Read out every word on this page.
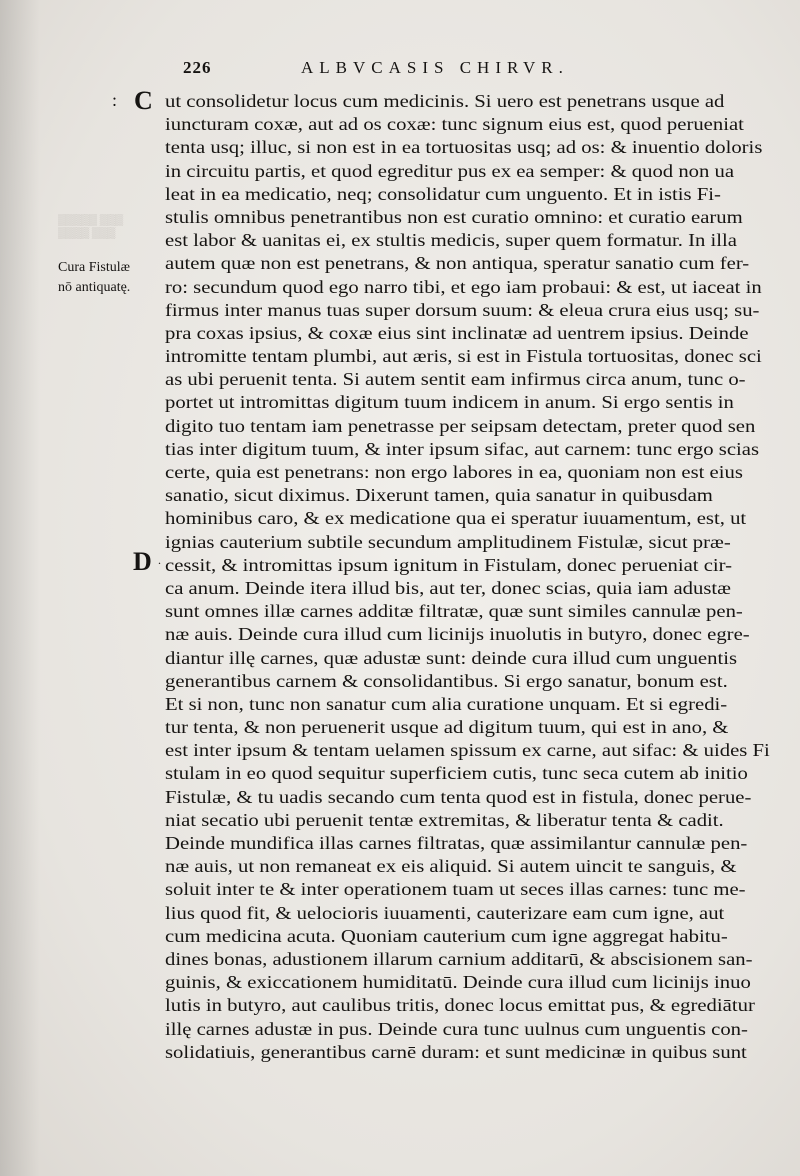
226	ALBVCASIS CHIRVR.
: C
D .
▒▒▒▒▒ ▒▒▒
▒▒▒▒ ▒▒▒
Cura Fistulæ
nō antiquatę.
ut consolidetur locus cum medicinis. Si uero est penetrans usque ad
iuncturam coxæ, aut ad os coxæ: tunc signum eius est, quod perueniat
tenta usq; illuc, si non est in ea tortuositas usq; ad os: & inuentio doloris
in circuitu partis, et quod egreditur pus ex ea semper: & quod non ua
leat in ea medicatio, neq; consolidatur cum unguento. Et in istis Fi-
stulis omnibus penetrantibus non est curatio omnino: et curatio earum
est labor & uanitas ei, ex stultis medicis, super quem formatur. In illa
autem quæ non est penetrans, & non antiqua, speratur sanatio cum fer-
ro: secundum quod ego narro tibi, et ego iam probaui: & est, ut iaceat in
firmus inter manus tuas super dorsum suum: & eleua crura eius usq; su-
pra coxas ipsius, & coxæ eius sint inclinatæ ad uentrem ipsius. Deinde
intromitte tentam plumbi, aut æris, si est in Fistula tortuositas, donec sci
as ubi peruenit tenta. Si autem sentit eam infirmus circa anum, tunc o-
portet ut intromittas digitum tuum indicem in anum. Si ergo sentis in
digito tuo tentam iam penetrasse per seipsam detectam, preter quod sen
tias inter digitum tuum, & inter ipsum sifac, aut carnem: tunc ergo scias
certe, quia est penetrans: non ergo labores in ea, quoniam non est eius
sanatio, sicut diximus. Dixerunt tamen, quia sanatur in quibusdam
hominibus caro, & ex medicatione qua ei speratur iuuamentum, est, ut
ignias cauterium subtile secundum amplitudinem Fistulæ, sicut præ-
cessit, & intromittas ipsum ignitum in Fistulam, donec perueniat cir-
ca anum. Deinde itera illud bis, aut ter, donec scias, quia iam adustæ
sunt omnes illæ carnes additæ filtratæ, quæ sunt similes cannulæ pen-
næ auis. Deinde cura illud cum licinijs inuolutis in butyro, donec egre-
diantur illę carnes, quæ adustæ sunt: deinde cura illud cum unguentis
generantibus carnem & consolidantibus. Si ergo sanatur, bonum est.
Et si non, tunc non sanatur cum alia curatione unquam. Et si egredi-
tur tenta, & non peruenerit usque ad digitum tuum, qui est in ano, &
est inter ipsum & tentam uelamen spissum ex carne, aut sifac: & uides Fi
stulam in eo quod sequitur superficiem cutis, tunc seca cutem ab initio
Fistulæ, & tu uadis secando cum tenta quod est in fistula, donec perue-
niat secatio ubi peruenit tentæ extremitas, & liberatur tenta & cadit.
Deinde mundifica illas carnes filtratas, quæ assimilantur cannulæ pen-
næ auis, ut non remaneat ex eis aliquid. Si autem uincit te sanguis, &
soluit inter te & inter operationem tuam ut seces illas carnes: tunc me-
lius quod fit, & uelocioris iuuamenti, cauterizare eam cum igne, aut
cum medicina acuta. Quoniam cauterium cum igne aggregat habitu-
dines bonas, adustionem illarum carnium additarū, & abscisionem san-
guinis, & exiccationem humiditatū. Deinde cura illud cum licinijs inuo
lutis in butyro, aut caulibus tritis, donec locus emittat pus, & egrediātur
illę carnes adustæ in pus. Deinde cura tunc uulnus cum unguentis con-
solidatiuis, generantibus carnē duram: et sunt medicinæ in quibus sunt
